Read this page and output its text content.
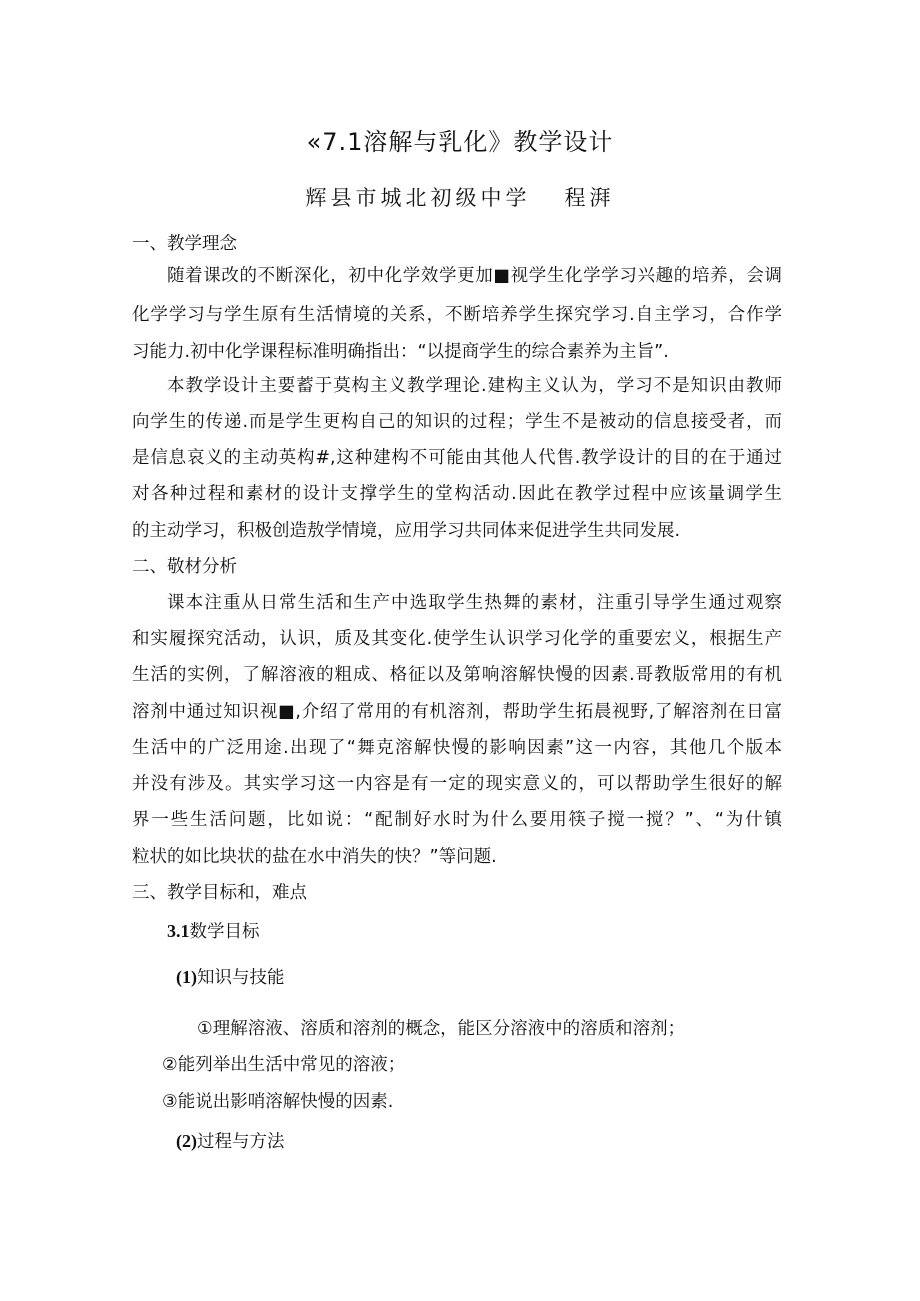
«7.1溶解与乳化》教学设计
辉县市城北初级中学 程湃
一、教学理念
随着课改的不断深化，初中化学效学更加■视学生化学学习兴趣的培养，会调
化学学习与学生原有生活情境的关系，不断培养学生探究学习.自主学习，合作学
习能力.初中化学课程标准明确指出：“以提商学生的综合素养为主旨”.
本教学设计主要蓄于莫构主义教学理论.建构主义认为，学习不是知识由教师
向学生的传递.而是学生更构自己的知识的过程；学生不是被动的信息接受者，而
是信息哀义的主动英构#,这种建构不可能由其他人代售.教学设计的目的在于通过
对各种过程和素材的设计支撑学生的堂构活动.因此在教学过程中应该量调学生
的主动学习，积极创造敖学情境，应用学习共同体来促进学生共同发展.
二、敬材分析
课本注重从日常生活和生产中选取学生热舞的素材，注重引导学生通过观察
和实履探究活动，认识，质及其变化.使学生认识学习化学的重要宏义，根据生产
生活的实例，了解溶液的粗成、格征以及第响溶解快慢的因素.哥教版常用的有机
溶剂中通过知识视■,介绍了常用的有机溶剂，帮助学生拓晨视野,了解溶剂在日富
生活中的广泛用途.出现了“舞克溶解快慢的影响因素”这一内容，其他几个版本
并没有涉及。其实学习这一内容是有一定的现实意义的，可以帮助学生很好的解
界一些生活问题，比如说：“配制好水时为什么要用筷子搅一搅？”、“为什镇
粒状的如比块状的盐在水中消失的快？”等问题.
三、教学目标和，难点
3.1数学目标
(1)知识与技能
①理解溶液、溶质和溶剂的概念，能区分溶液中的溶质和溶剂；
②能列举出生活中常见的溶液；
③能说出影哨溶解快慢的因素.
(2)过程与方法
